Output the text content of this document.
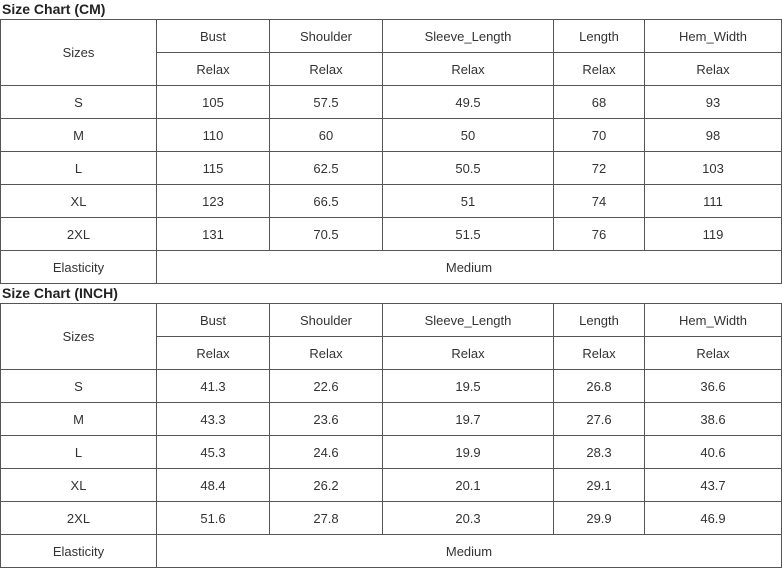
Size Chart (CM)
Sizes	Bust	Shoulder	Sleeve_Length	Length	Hem_Width
	Relax	Relax	Relax	Relax	Relax
S	105	57.5	49.5	68	93
M	110	60	50	70	98
L	115	62.5	50.5	72	103
XL	123	66.5	51	74	111
2XL	131	70.5	51.5	76	119
Elasticity	Medium				
Size Chart (INCH)
Sizes	Bust	Shoulder	Sleeve_Length	Length	Hem_Width
	Relax	Relax	Relax	Relax	Relax
S	41.3	22.6	19.5	26.8	36.6
M	43.3	23.6	19.7	27.6	38.6
L	45.3	24.6	19.9	28.3	40.6
XL	48.4	26.2	20.1	29.1	43.7
2XL	51.6	27.8	20.3	29.9	46.9
Elasticity	Medium				
